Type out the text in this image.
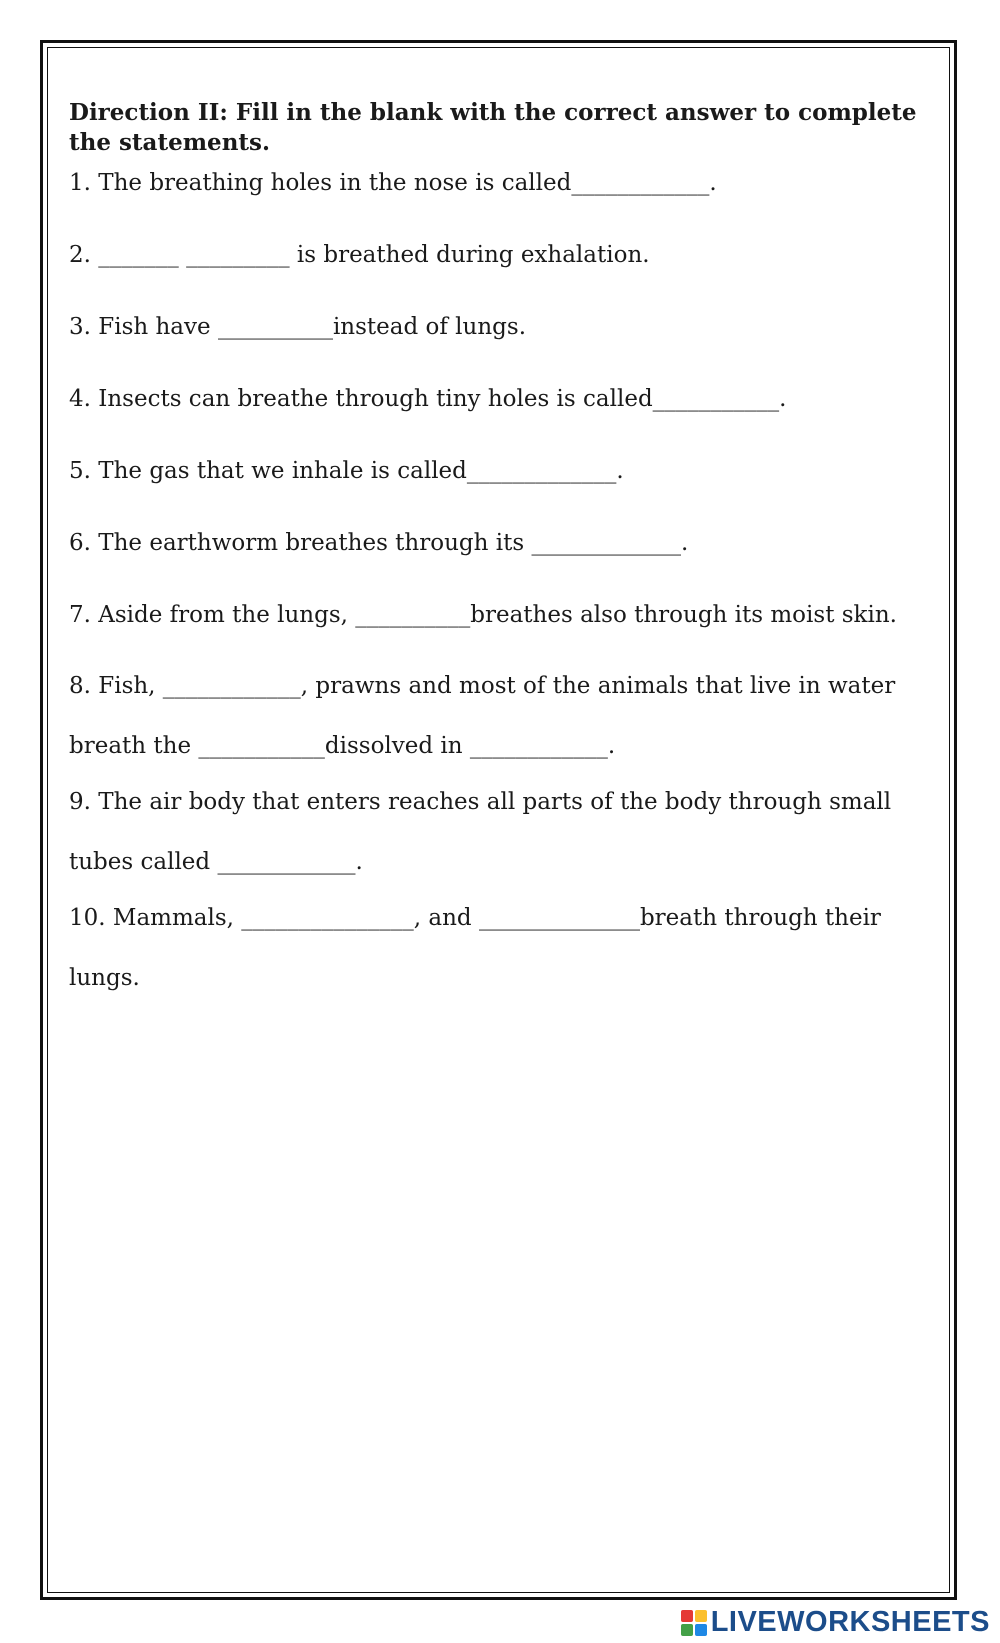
Direction II: Fill in the blank with the correct answer to complete the statements.
1. The breathing holes in the nose is called____________.
2. _______ _________ is breathed during exhalation.
3. Fish have __________instead of lungs.
4. Insects can breathe through tiny holes is called___________.
5. The gas that we inhale is called_____________.
6. The earthworm breathes through its _____________.
7. Aside from the lungs, __________breathes also through its moist skin.
8. Fish, ____________, prawns and most of the animals that live in water breath the ___________dissolved in ____________.
9. The air body that enters reaches all parts of the body through small tubes called ____________.
10. Mammals, _______________, and ______________breath through their lungs.
LIVEWORKSHEETS
